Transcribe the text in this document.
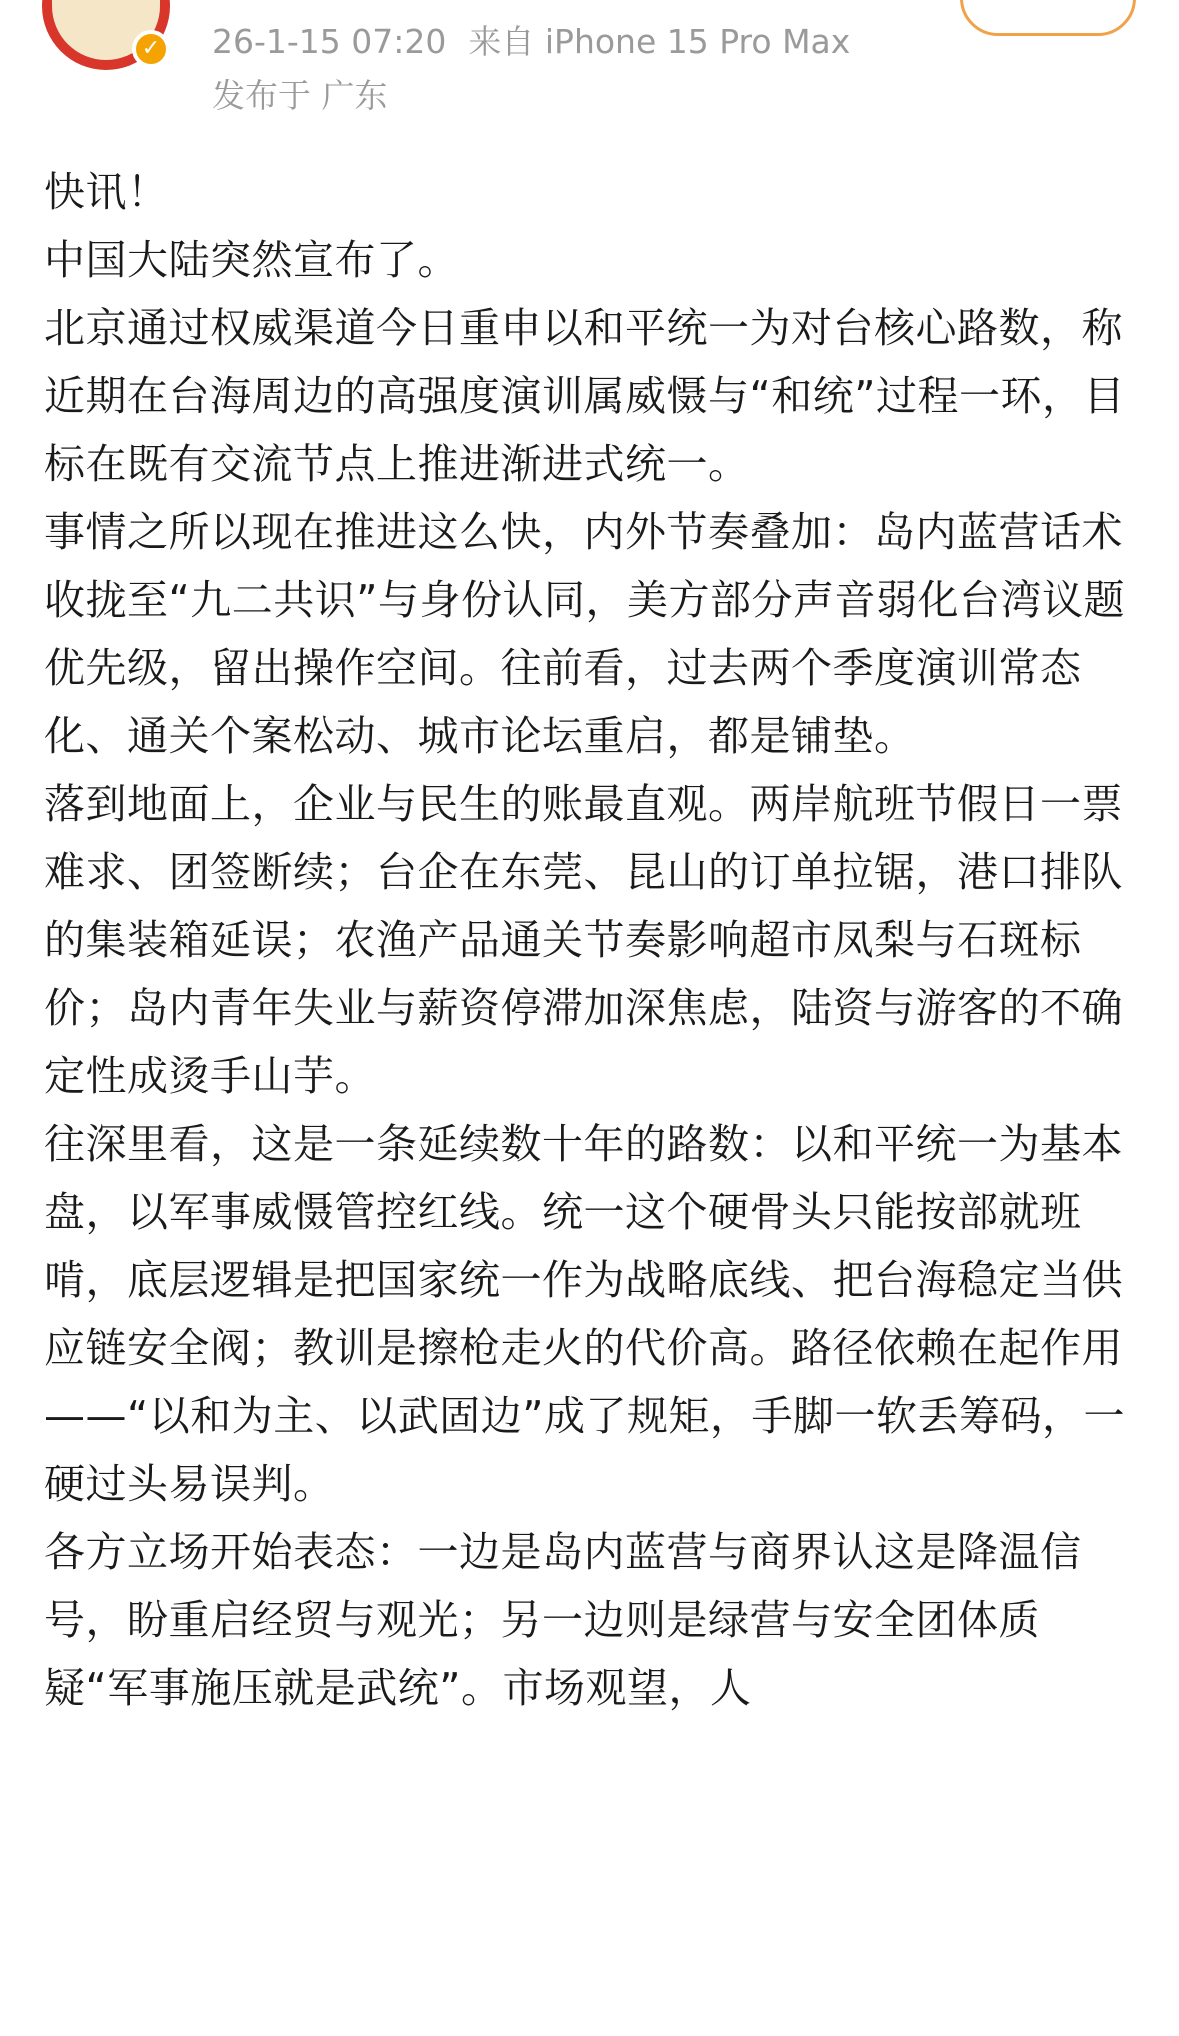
✓ 26-1-15 07:20 来自 iPhone 15 Pro Max
发布于 广东

快讯！

中国大陆突然宣布了。

北京通过权威渠道今日重申以和平统一为对台核心路数，称近期在台海周边的高强度演训属威慑与“和统”过程一环，目标在既有交流节点上推进渐进式统一。

事情之所以现在推进这么快，内外节奏叠加：岛内蓝营话术收拢至“九二共识”与身份认同，美方部分声音弱化台湾议题优先级，留出操作空间。往前看，过去两个季度演训常态化、通关个案松动、城市论坛重启，都是铺垫。

落到地面上，企业与民生的账最直观。两岸航班节假日一票难求、团签断续；台企在东莞、昆山的订单拉锯，港口排队的集装箱延误；农渔产品通关节奏影响超市凤梨与石斑标价；岛内青年失业与薪资停滞加深焦虑，陆资与游客的不确定性成烫手山芋。

往深里看，这是一条延续数十年的路数：以和平统一为基本盘，以军事威慑管控红线。统一这个硬骨头只能按部就班啃，底层逻辑是把国家统一作为战略底线、把台海稳定当供应链安全阀；教训是擦枪走火的代价高。路径依赖在起作用——“以和为主、以武固边”成了规矩，手脚一软丢筹码，一硬过头易误判。

各方立场开始表态：一边是岛内蓝营与商界认这是降温信号，盼重启经贸与观光；另一边则是绿营与安全团体质疑“军事施压就是武统”。市场观望，人
